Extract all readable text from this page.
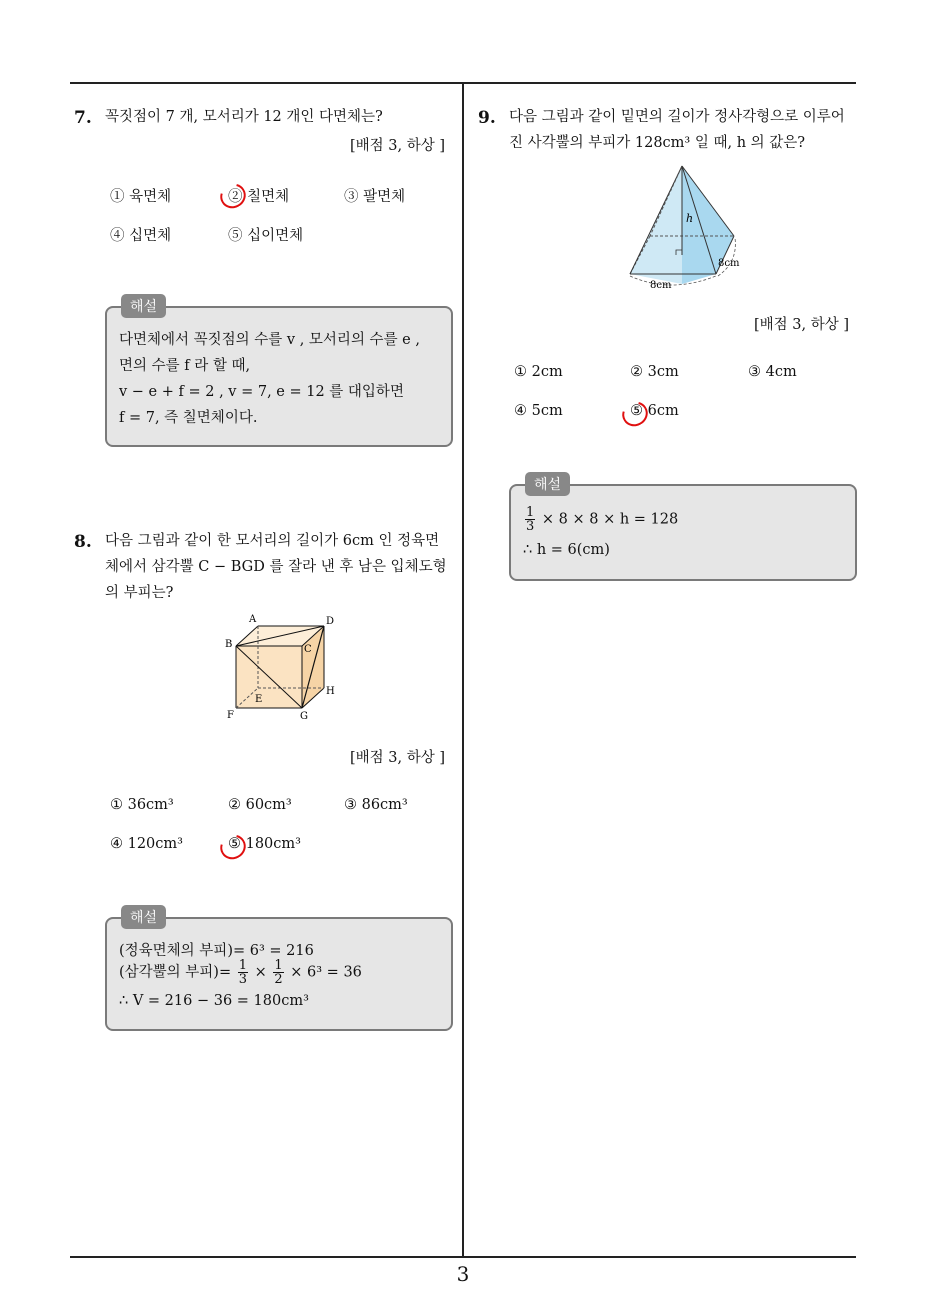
7. 꼭짓점이 7 개, 모서리가 12 개인 다면체는?
[배점 3, 하상 ]
① 육면체	② 칠면체	③ 팔면체
④ 십면체	⑤ 십이면체
해설
다면체에서 꼭짓점의 수를 v , 모서리의 수를 e ,
면의 수를 f 라 할 때,
v − e + f = 2 , v = 7, e = 12 를 대입하면
f = 7, 즉 칠면체이다.
8. 다음 그림과 같이 한 모서리의 길이가 6cm 인 정육면
체에서 삼각뿔 C − BGD 를 잘라 낸 후 남은 입체도형
의 부피는?
A
B	C
D
E
F	G
H
[배점 3, 하상 ]
① 36cm³	② 60cm³	③ 86cm³
④ 120cm³	⑤ 180cm³
해설
(정육면체의 부피)= 6³ = 216
(삼각뿔의 부피)= $\frac{1}{3} \times \frac{1}{2} \times 6^3 = 36$
∴ V = 216 − 36 = 180cm³
9. 다음 그림과 같이 밑면의 길이가 정사각형으로 이루어
진 사각뿔의 부피가 128cm³ 일 때, h 의 값은?
h
8cm
8cm
[배점 3, 하상 ]
① 2cm	② 3cm	③ 4cm
④ 5cm	⑤ 6cm
해설
$\frac{1}{3} \times 8 \times 8 \times h = 128$
∴ h = 6(cm)
3
